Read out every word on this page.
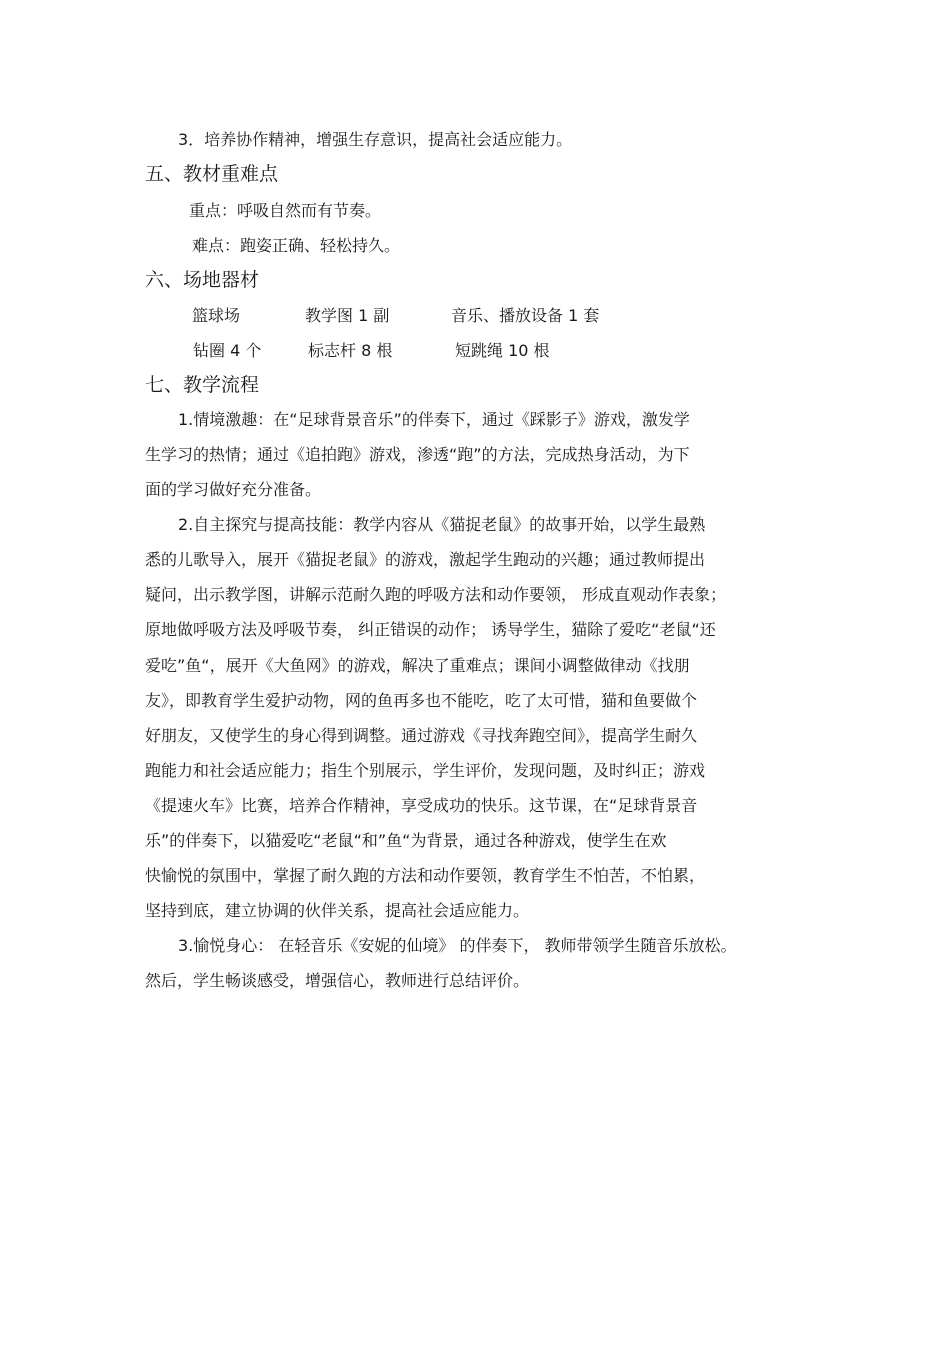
3．培养协作精神，增强生存意识，提高社会适应能力。
五、教材重难点
重点：呼吸自然而有节奏。
难点：跑姿正确、轻松持久。
六、场地器材
篮球场	教学图 1 副	音乐、播放设备 1 套
钻圈 4 个	标志杆 8 根	短跳绳 10 根
七、教学流程
1.情境激趣：在“足球背景音乐”的伴奏下，通过《踩影子》游戏，激发学
生学习的热情；通过《追拍跑》游戏，渗透“跑”的方法，完成热身活动，为下
面的学习做好充分准备。
2.自主探究与提高技能：教学内容从《猫捉老鼠》的故事开始，以学生最熟
悉的儿歌导入，展开《猫捉老鼠》的游戏，激起学生跑动的兴趣；通过教师提出
疑问，出示教学图，讲解示范耐久跑的呼吸方法和动作要领， 形成直观动作表象；
原地做呼吸方法及呼吸节奏， 纠正错误的动作； 诱导学生，猫除了爱吃“老鼠“还
爱吃”鱼“，展开《大鱼网》的游戏，解决了重难点；课间小调整做律动《找朋
友》，即教育学生爱护动物，网的鱼再多也不能吃，吃了太可惜，猫和鱼要做个
好朋友，又使学生的身心得到调整。通过游戏《寻找奔跑空间》，提高学生耐久
跑能力和社会适应能力；指生个别展示，学生评价，发现问题，及时纠正；游戏
《提速火车》比赛，培养合作精神，享受成功的快乐。这节课，在“足球背景音
乐”的伴奏下，以猫爱吃“老鼠“和”鱼“为背景，通过各种游戏，使学生在欢
快愉悦的氛围中，掌握了耐久跑的方法和动作要领，教育学生不怕苦，不怕累，
坚持到底，建立协调的伙伴关系，提高社会适应能力。
3.愉悦身心： 在轻音乐《安妮的仙境》 的伴奏下， 教师带领学生随音乐放松。
然后，学生畅谈感受，增强信心，教师进行总结评价。
